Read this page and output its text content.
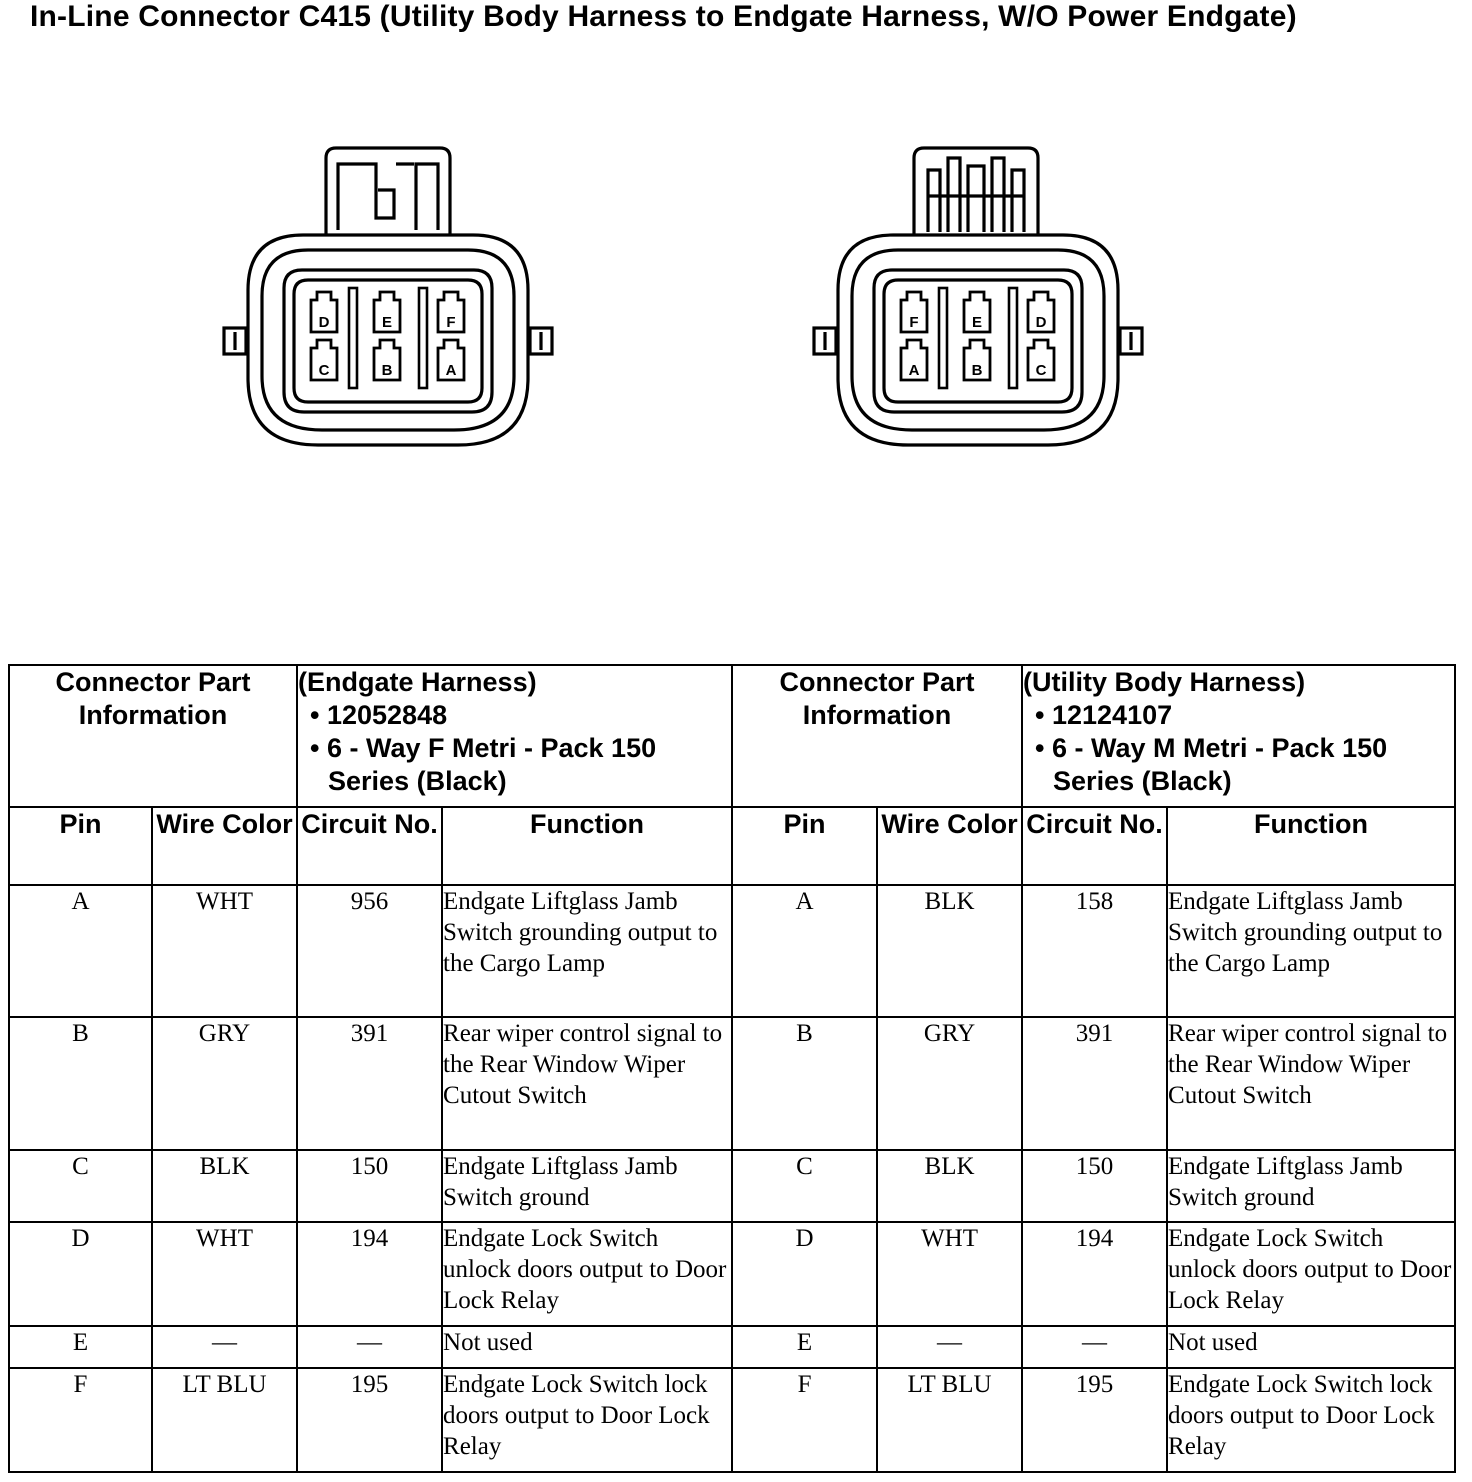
In-Line Connector C415 (Utility Body Harness to Endgate Harness, W/O Power Endgate)
D	E	F
C	B	A
F	E	D
A	B	C
Connector Part Information		(Endgate Harness)
• 12052848
• 6 - Way F Metri - Pack 150 Series (Black)		Connector Part Information		(Utility Body Harness)
• 12124107
• 6 - Way M Metri - Pack 150 Series (Black)	

Pin	Wire Color	Circuit No.	Function	Pin	Wire Color	Circuit No.	Function
A	WHT	956	Endgate Liftglass Jamb Switch grounding output to the Cargo Lamp	A	BLK	158	Endgate Liftglass Jamb Switch grounding output to the Cargo Lamp
B	GRY	391	Rear wiper control signal to the Rear Window Wiper Cutout Switch	B	GRY	391	Rear wiper control signal to the Rear Window Wiper Cutout Switch
C	BLK	150	Endgate Liftglass Jamb Switch ground	C	BLK	150	Endgate Liftglass Jamb Switch ground
D	WHT	194	Endgate Lock Switch unlock doors output to Door Lock Relay	D	WHT	194	Endgate Lock Switch unlock doors output to Door Lock Relay
E	—	—	Not used	E	—	—	Not used
F	LT BLU	195	Endgate Lock Switch lock doors output to Door Lock Relay	F	LT BLU	195	Endgate Lock Switch lock doors output to Door Lock Relay
